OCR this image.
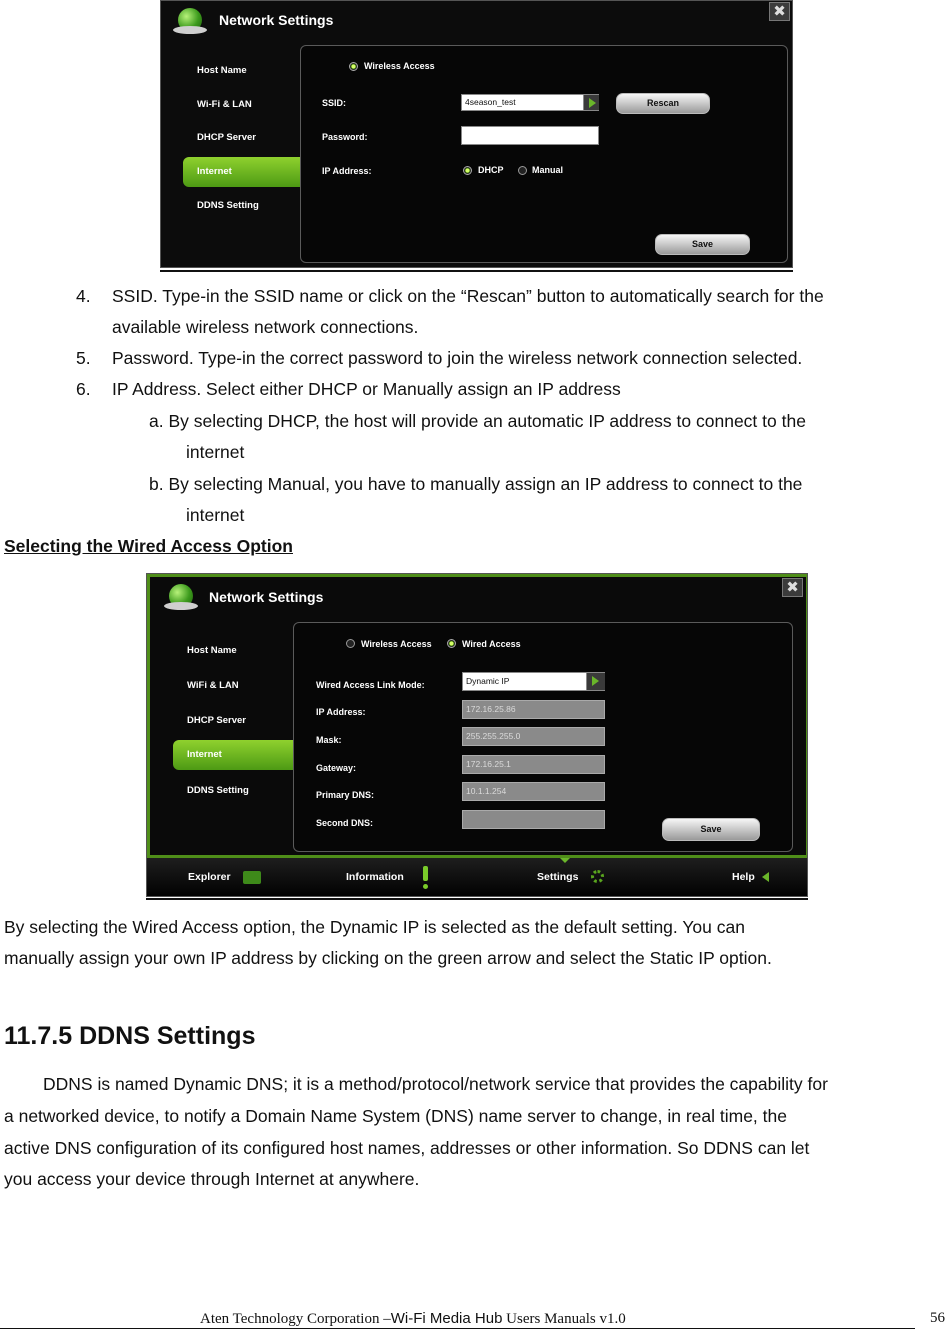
Network Settings	✖
Host Name
Wi-Fi & LAN
DHCP Server
Internet
DDNS Setting
Wireless Access
SSID:	4season_test	Rescan
Password:
IP Address:	DHCP	Manual
Save
4. SSID. Type-in the SSID name or click on the “Rescan” button to automatically search for the
available wireless network connections.
5. Password. Type-in the correct password to join the wireless network connection selected.
6. IP Address. Select either DHCP or Manually assign an IP address
a. By selecting DHCP, the host will provide an automatic IP address to connect to the
internet
b. By selecting Manual, you have to manually assign an IP address to connect to the
internet
Selecting the Wired Access Option
Network Settings
✖
Host Name
WiFi & LAN
DHCP Server
Internet
DDNS Setting
Wireless Access	Wired Access
Wired Access Link Mode:	Dynamic IP
IP Address:	172.16.25.86
Mask:	255.255.255.0
Gateway:	172.16.25.1
Primary DNS:	10.1.1.254
Second DNS:
Save
Explorer	Information	Settings	Help
By selecting the Wired Access option, the Dynamic IP is selected as the default setting. You can
manually assign your own IP address by clicking on the green arrow and select the Static IP option.
11.7.5 DDNS Settings
DDNS is named Dynamic DNS; it is a method/protocol/network service that provides the capability for
a networked device, to notify a Domain Name System (DNS) name server to change, in real time, the
active DNS configuration of its configured host names, addresses or other information. So DDNS can let
you access your device through Internet at anywhere.
Aten Technology Corporation –Wi-Fi Media Hub Users Manuals v1.0	56
